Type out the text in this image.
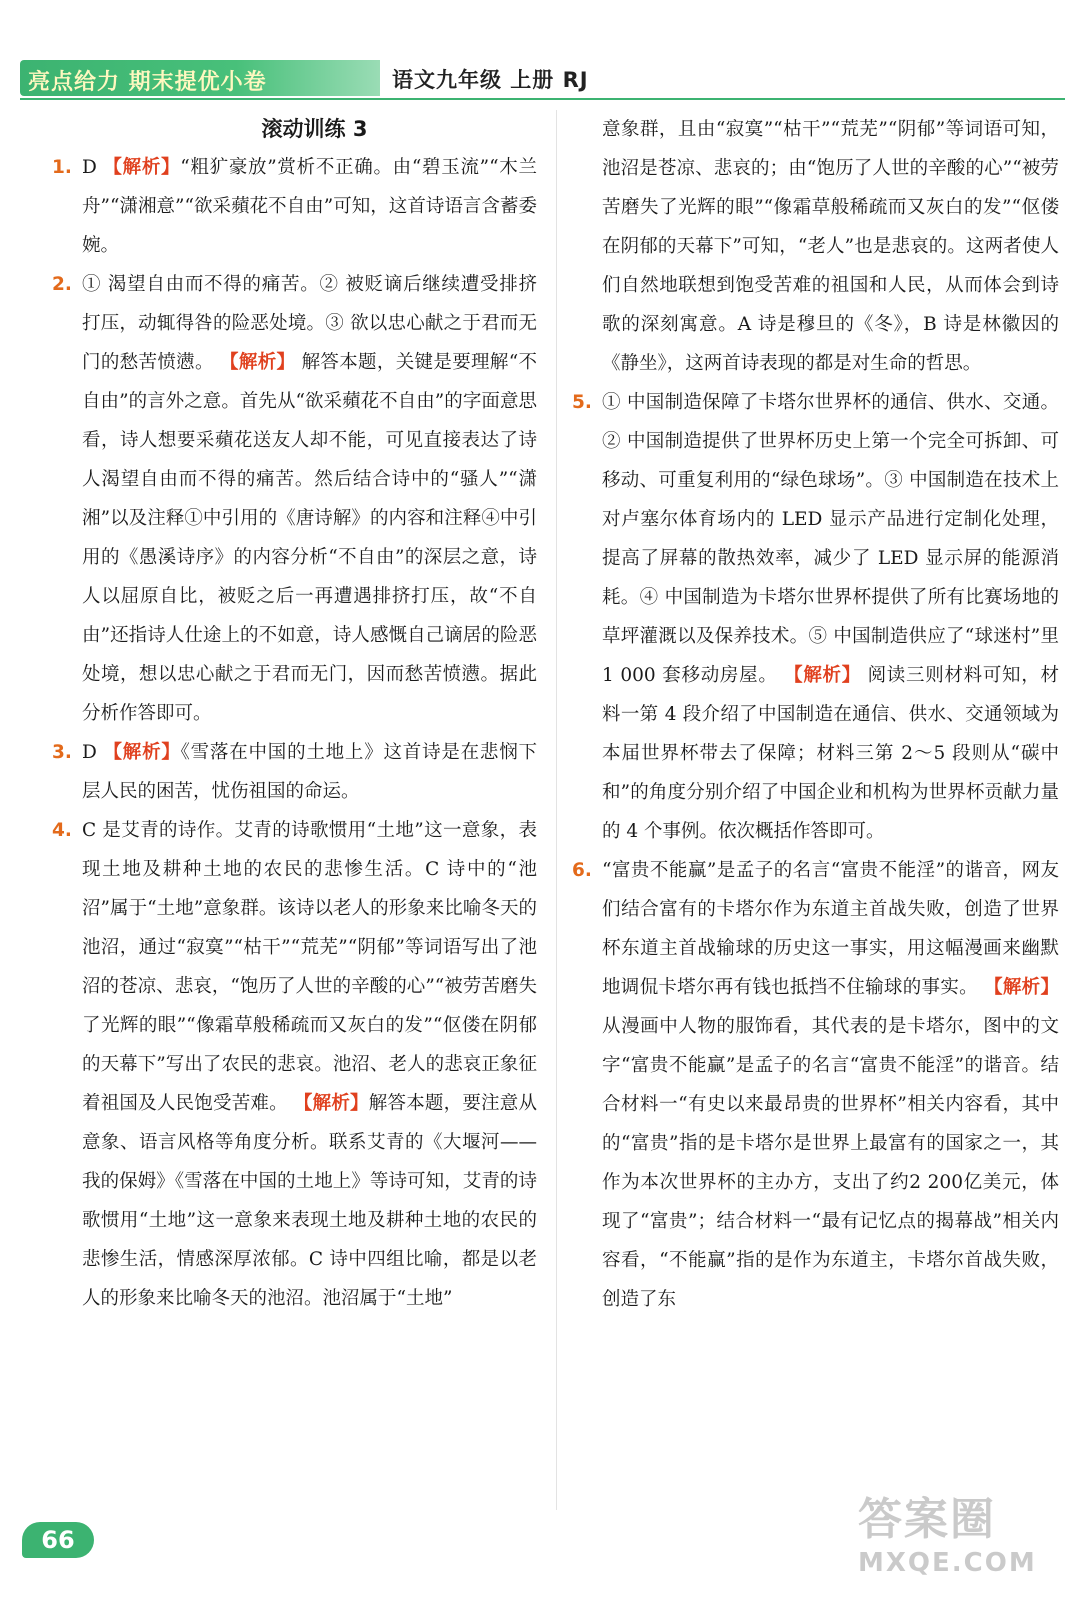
亮点给力 期末提优小卷	语文九年级 上册 RJ
滚动训练 3
1. D 【解析】“粗犷豪放”赏析不正确。由“碧玉流”“木兰舟”“潇湘意”“欲采蘋花不自由”可知，这首诗语言含蓄委婉。

2. ① 渴望自由而不得的痛苦。② 被贬谪后继续遭受排挤打压，动辄得咎的险恶处境。③ 欲以忠心献之于君而无门的愁苦愤懑。 【解析】 解答本题，关键是要理解“不自由”的言外之意。首先从“欲采蘋花不自由”的字面意思看，诗人想要采蘋花送友人却不能，可见直接表达了诗人渴望自由而不得的痛苦。然后结合诗中的“骚人”“潇湘”以及注释①中引用的《唐诗解》的内容和注释④中引用的《愚溪诗序》的内容分析“不自由”的深层之意，诗人以屈原自比，被贬之后一再遭遇排挤打压，故“不自由”还指诗人仕途上的不如意，诗人感慨自己谪居的险恶处境，想以忠心献之于君而无门，因而愁苦愤懑。据此分析作答即可。

3. D 【解析】《雪落在中国的土地上》这首诗是在悲悯下层人民的困苦，忧伤祖国的命运。

4. C 是艾青的诗作。艾青的诗歌惯用“土地”这一意象，表现土地及耕种土地的农民的悲惨生活。C 诗中的“池沼”属于“土地”意象群。该诗以老人的形象来比喻冬天的池沼，通过“寂寞”“枯干”“荒芜”“阴郁”等词语写出了池沼的苍凉、悲哀，“饱历了人世的辛酸的心”“被劳苦磨失了光辉的眼”“像霜草般稀疏而又灰白的发”“伛偻在阴郁的天幕下”写出了农民的悲哀。池沼、老人的悲哀正象征着祖国及人民饱受苦难。 【解析】解答本题，要注意从意象、语言风格等角度分析。联系艾青的《大堰河——我的保姆》《雪落在中国的土地上》等诗可知，艾青的诗歌惯用“土地”这一意象来表现土地及耕种土地的农民的悲惨生活，情感深厚浓郁。C 诗中四组比喻，都是以老人的形象来比喻冬天的池沼。池沼属于“土地”

意象群，且由“寂寞”“枯干”“荒芜”“阴郁”等词语可知，池沼是苍凉、悲哀的；由“饱历了人世的辛酸的心”“被劳苦磨失了光辉的眼”“像霜草般稀疏而又灰白的发”“伛偻在阴郁的天幕下”可知，“老人”也是悲哀的。这两者使人们自然地联想到饱受苦难的祖国和人民，从而体会到诗歌的深刻寓意。A 诗是穆旦的《冬》，B 诗是林徽因的《静坐》，这两首诗表现的都是对生命的哲思。

5. ① 中国制造保障了卡塔尔世界杯的通信、供水、交通。② 中国制造提供了世界杯历史上第一个完全可拆卸、可移动、可重复利用的“绿色球场”。③ 中国制造在技术上对卢塞尔体育场内的 LED 显示产品进行定制化处理，提高了屏幕的散热效率，减少了 LED 显示屏的能源消耗。④ 中国制造为卡塔尔世界杯提供了所有比赛场地的草坪灌溉以及保养技术。⑤ 中国制造供应了“球迷村”里 1 000 套移动房屋。 【解析】 阅读三则材料可知，材料一第 4 段介绍了中国制造在通信、供水、交通领域为本届世界杯带去了保障；材料三第 2～5 段则从“碳中和”的角度分别介绍了中国企业和机构为世界杯贡献力量的 4 个事例。依次概括作答即可。

6. “富贵不能赢”是孟子的名言“富贵不能淫”的谐音，网友们结合富有的卡塔尔作为东道主首战失败，创造了世界杯东道主首战输球的历史这一事实，用这幅漫画来幽默地调侃卡塔尔再有钱也抵挡不住输球的事实。 【解析】 从漫画中人物的服饰看，其代表的是卡塔尔，图中的文字“富贵不能赢”是孟子的名言“富贵不能淫”的谐音。结合材料一“有史以来最昂贵的世界杯”相关内容看，其中的“富贵”指的是卡塔尔是世界上最富有的国家之一，其作为本次世界杯的主办方，支出了约2 200亿美元，体现了“富贵”；结合材料一“最有记忆点的揭幕战”相关内容看，“不能赢”指的是作为东道主，卡塔尔首战失败，创造了东

66	答案圈
MXQE.COM
